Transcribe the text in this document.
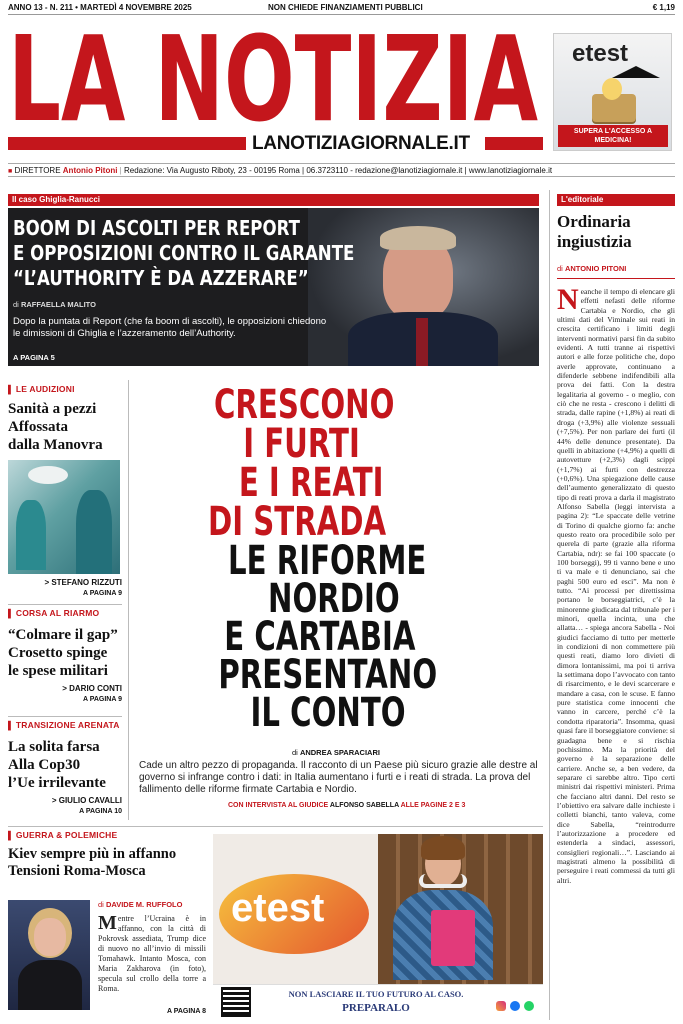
ANNO 13 - N. 211 • MARTEDÌ 4 NOVEMBRE 2025	NON CHIEDE FINANZIAMENTI PUBBLICI	€ 1,19
LA NOTIZIA
LANOTIZIAGIORNALE.IT
etest
SUPERA L'ACCESSO A MEDICINA!
■ DIRETTORE Antonio Pitoni | Redazione: Via Augusto Riboty, 23 - 00195 Roma | 06.3723110 - redazione@lanotiziagiornale.it | www.lanotiziagiornale.it
Il caso Ghiglia-Ranucci
BOOM DI ASCOLTI PER REPORT
E OPPOSIZIONI CONTRO IL GARANTE
“L’AUTHORITY È DA AZZERARE”
di RAFFAELLA MALITO
Dopo la puntata di Report (che fa boom di ascolti), le opposizioni chiedono le dimissioni di Ghiglia e l’azzeramento dell’Authority.
A PAGINA 5
L'editoriale
Ordinaria ingiustizia
di ANTONIO PITONI
Neanche il tempo di elencare gli effetti nefasti delle riforme Cartabia e Nordio, che gli ultimi dati del Viminale sui reati in crescita certificano i limiti degli interventi normativi parsi fin da subito evidenti. A tutti tranne ai rispettivi autori e alle forze politiche che, dopo averle approvate, continuano a difenderle sebbene indifendibili alla prova dei fatti. Con la destra legalitaria al governo - o meglio, con ciò che ne resta - crescono i delitti di strada, dalle rapine (+1,8%) ai reati di droga (+3,9%) alle violenze sessuali (+7,5%). Per non parlare dei furti (il 44% delle denunce presentate). Da quelli in abitazione (+4,9%) a quelli di autovetture (+2,3%) dagli scippi (+1,7%) ai furti con destrezza (+0,6%). Una spiegazione delle cause dell’aumento generalizzato di questo tipo di reati prova a darla il magistrato Alfonso Sabella (leggi intervista a pagina 2): “Le spaccate delle vetrine di Torino di qualche giorno fa: anche questo reato ora procedibile solo per querela di parte (grazie alla riforma Cartabia, ndr): se fai 100 spaccate (o 100 borseggi), 99 ti vanno bene e uno ti va male e ti denunciano, sai che paghi 500 euro ed esci”. Ma non è tutto. “Ai processi per direttissima portano le borseggiatrici, c’è la minorenne giudicata dal tribunale per i minori, quella incinta, una che allatta… - spiega ancora Sabella - Noi giudici facciamo di tutto per metterle in condizioni di non commettere più questi reati, diamo loro divieti di dimora lontanissimi, ma poi ti arriva la settimana dopo l’avvocato con tanto di risarcimento, e le devi scarcerare e mandare a casa, con le scuse. E fanno pure statistica come innocenti che vanno in carcere, perché c’è la condotta riparatoria”. Insomma, quasi quasi fare il borseggiatore conviene: si guadagna bene e si rischia pochissimo. Ma la priorità del governo è la separazione delle carriere. Anche se, a ben vedere, da separare ci sarebbe altro. Tipo certi ministri dai rispettivi ministeri. Prima che facciano altri danni. Del resto se l’obiettivo era salvare dalle inchieste i colletti bianchi, tanto valeva, come dice Sabella, “reintrodurre l’autorizzazione a procedere ed estenderla a sindaci, assessori, consiglieri regionali…”. Lasciando ai magistrati almeno la possibilità di perseguire i reati commessi da tutti gli altri.
▌ LE AUDIZIONI
Sanità a pezzi
Affossata
dalla Manovra
> STEFANO RIZZUTI
A PAGINA 9
▌ CORSA AL RIARMO
“Colmare il gap”
Crosetto spinge
le spese militari
> DARIO CONTI
A PAGINA 9
▌ TRANSIZIONE ARENATA
La solita farsa
Alla Cop30
l’Ue irrilevante
> GIULIO CAVALLI
A PAGINA 10
CRESCONO
I FURTI
E I REATI
DI STRADA
LE RIFORME
NORDIO
E CARTABIA
PRESENTANO
IL CONTO
di ANDREA SPARACIARI
Cade un altro pezzo di propaganda. Il racconto di un Paese più sicuro grazie alle destre al governo si infrange contro i dati: in Italia aumentano i furti e i reati di strada. La prova del fallimento delle riforme firmate Cartabia e Nordio.
CON INTERVISTA AL GIUDICE ALFONSO SABELLA ALLE PAGINE 2 E 3
▌ GUERRA & POLEMICHE
Kiev sempre più in affanno
Tensioni Roma-Mosca
di DAVIDE M. RUFFOLO
Mentre l’Ucraina è in affanno, con la città di Pokrovsk assediata, Trump dice di nuovo no all’invio di missili Tomahawk. Intanto Mosca, con Maria Zakharova (in foto), specula sul crollo della torre a Roma.
A PAGINA 8
etest
NON LASCIARE IL TUO FUTURO AL CASO.
PREPARALO
